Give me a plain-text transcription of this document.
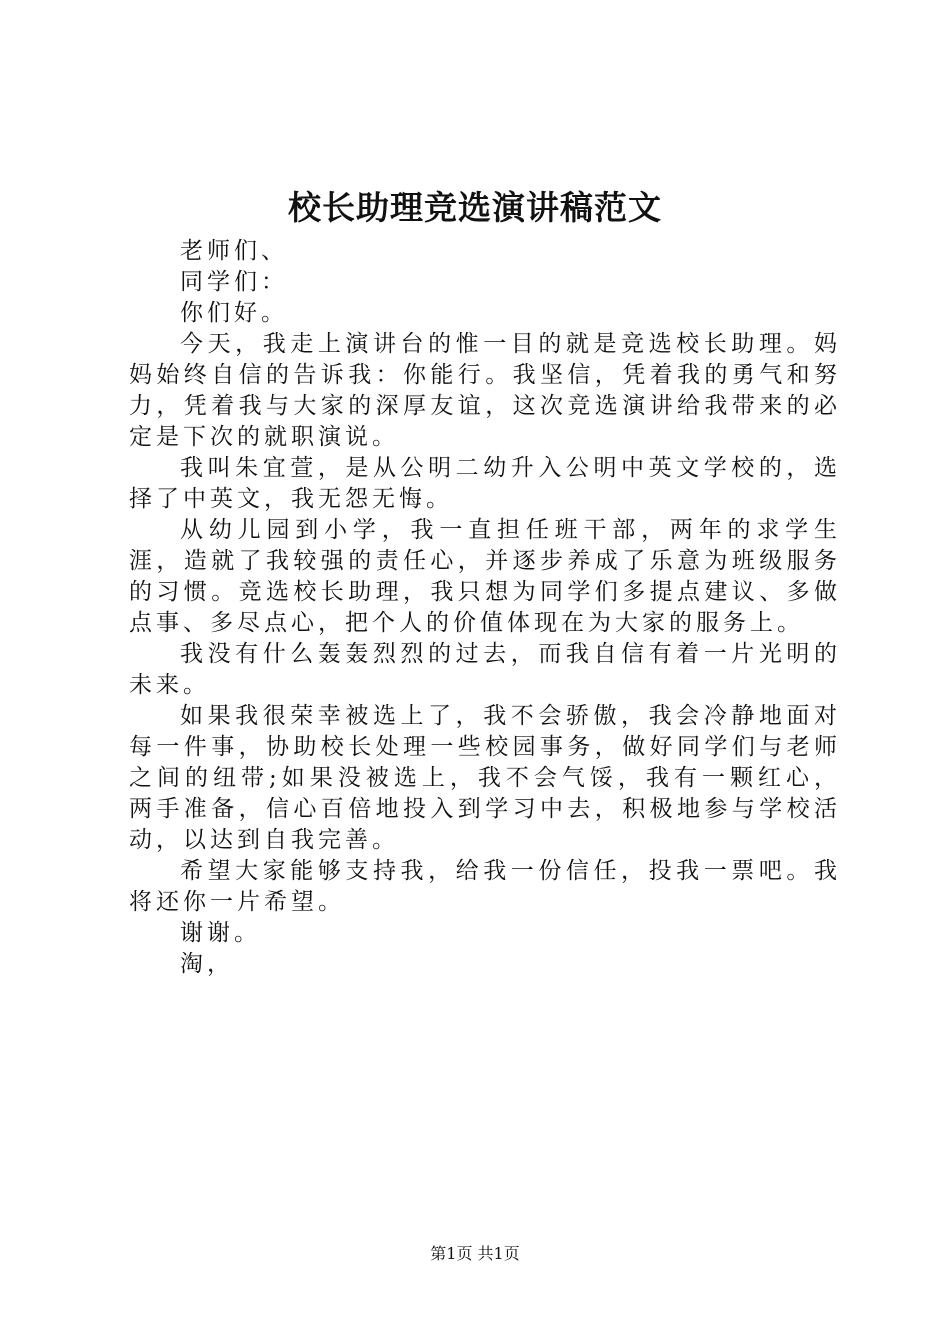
校长助理竞选演讲稿范文

老师们、

同学们：

你们好。

今天，我走上演讲台的惟一目的就是竞选校长助理。妈妈始终自信的告诉我：你能行。我坚信，凭着我的勇气和努力，凭着我与大家的深厚友谊，这次竞选演讲给我带来的必定是下次的就职演说。

我叫朱宜萱，是从公明二幼升入公明中英文学校的，选择了中英文，我无怨无悔。

从幼儿园到小学，我一直担任班干部，两年的求学生涯，造就了我较强的责任心，并逐步养成了乐意为班级服务的习惯。竞选校长助理，我只想为同学们多提点建议、多做点事、多尽点心，把个人的价值体现在为大家的服务上。

我没有什么轰轰烈烈的过去，而我自信有着一片光明的未来。

如果我很荣幸被选上了，我不会骄傲，我会冷静地面对每一件事，协助校长处理一些校园事务，做好同学们与老师之间的纽带;如果没被选上，我不会气馁，我有一颗红心，两手准备，信心百倍地投入到学习中去，积极地参与学校活动，以达到自我完善。

希望大家能够支持我，给我一份信任，投我一票吧。我将还你一片希望。

谢谢。

淘，

第1页 共1页
